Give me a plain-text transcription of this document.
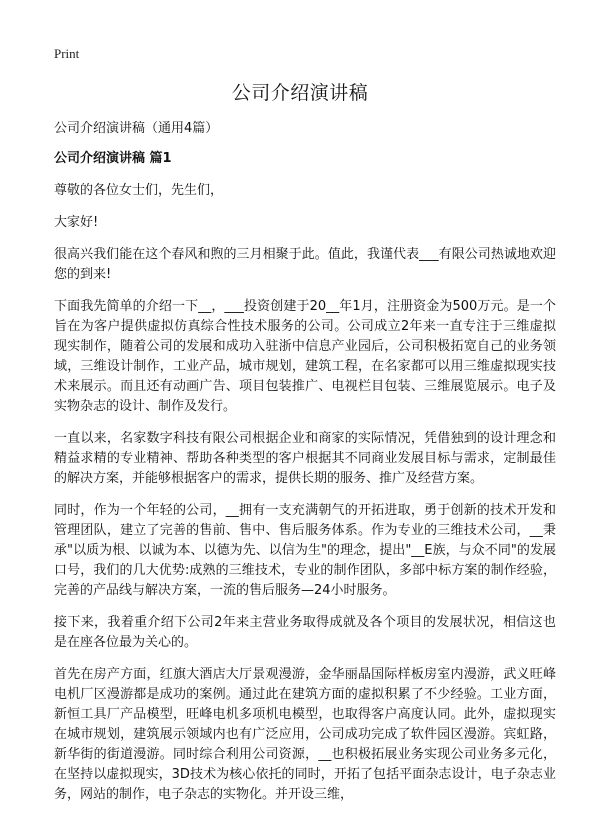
Print
公司介绍演讲稿
公司介绍演讲稿（通用4篇）
公司介绍演讲稿 篇1

尊敬的各位女士们，先生们，

大家好!

很高兴我们能在这个春风和煦的三月相聚于此。值此，我谨代表___有限公司热诚地欢迎您的到来!

下面我先简单的介绍一下__，___投资创建于20__年1月，注册资金为500万元。是一个旨在为客户提供虚拟仿真综合性技术服务的公司。公司成立2年来一直专注于三维虚拟现实制作，随着公司的发展和成功入驻浙中信息产业园后，公司积极拓宽自己的业务领域，三维设计制作，工业产品，城市规划，建筑工程，在名家都可以用三维虚拟现实技术来展示。而且还有动画广告、项目包装推广、电视栏目包装、三维展览展示。电子及实物杂志的设计、制作及发行。

一直以来，名家数字科技有限公司根据企业和商家的实际情况，凭借独到的设计理念和精益求精的专业精神、帮助各种类型的客户根据其不同商业发展目标与需求，定制最佳的解决方案，并能够根据客户的需求，提供长期的服务、推广及经营方案。

同时，作为一个年轻的公司，__拥有一支充满朝气的开拓进取，勇于创新的技术开发和管理团队，建立了完善的售前、售中、售后服务体系。作为专业的三维技术公司，__秉承"以质为根、以诚为本、以德为先、以信为生"的理念，提出"__E族，与众不同"的发展口号，我们的几大优势:成熟的三维技术，专业的制作团队，多部中标方案的制作经验，完善的产品线与解决方案，一流的售后服务—24小时服务。

接下来，我着重介绍下公司2年来主营业务取得成就及各个项目的发展状况，相信这也是在座各位最为关心的。

首先在房产方面，红旗大酒店大厅景观漫游，金华丽晶国际样板房室内漫游，武义旺峰电机厂区漫游都是成功的案例。通过此在建筑方面的虚拟积累了不少经验。工业方面，新恒工具厂产品模型，旺峰电机多项机电模型，也取得客户高度认同。此外，虚拟现实在城市规划，建筑展示领域内也有广泛应用，公司成功完成了软件园区漫游。宾虹路，新华街的街道漫游。同时综合利用公司资源，__也积极拓展业务实现公司业务多元化，在坚持以虚拟现实，3D技术为核心依托的同时，开拓了包括平面杂志设计，电子杂志业务，网站的制作，电子杂志的实物化。并开设三维，
